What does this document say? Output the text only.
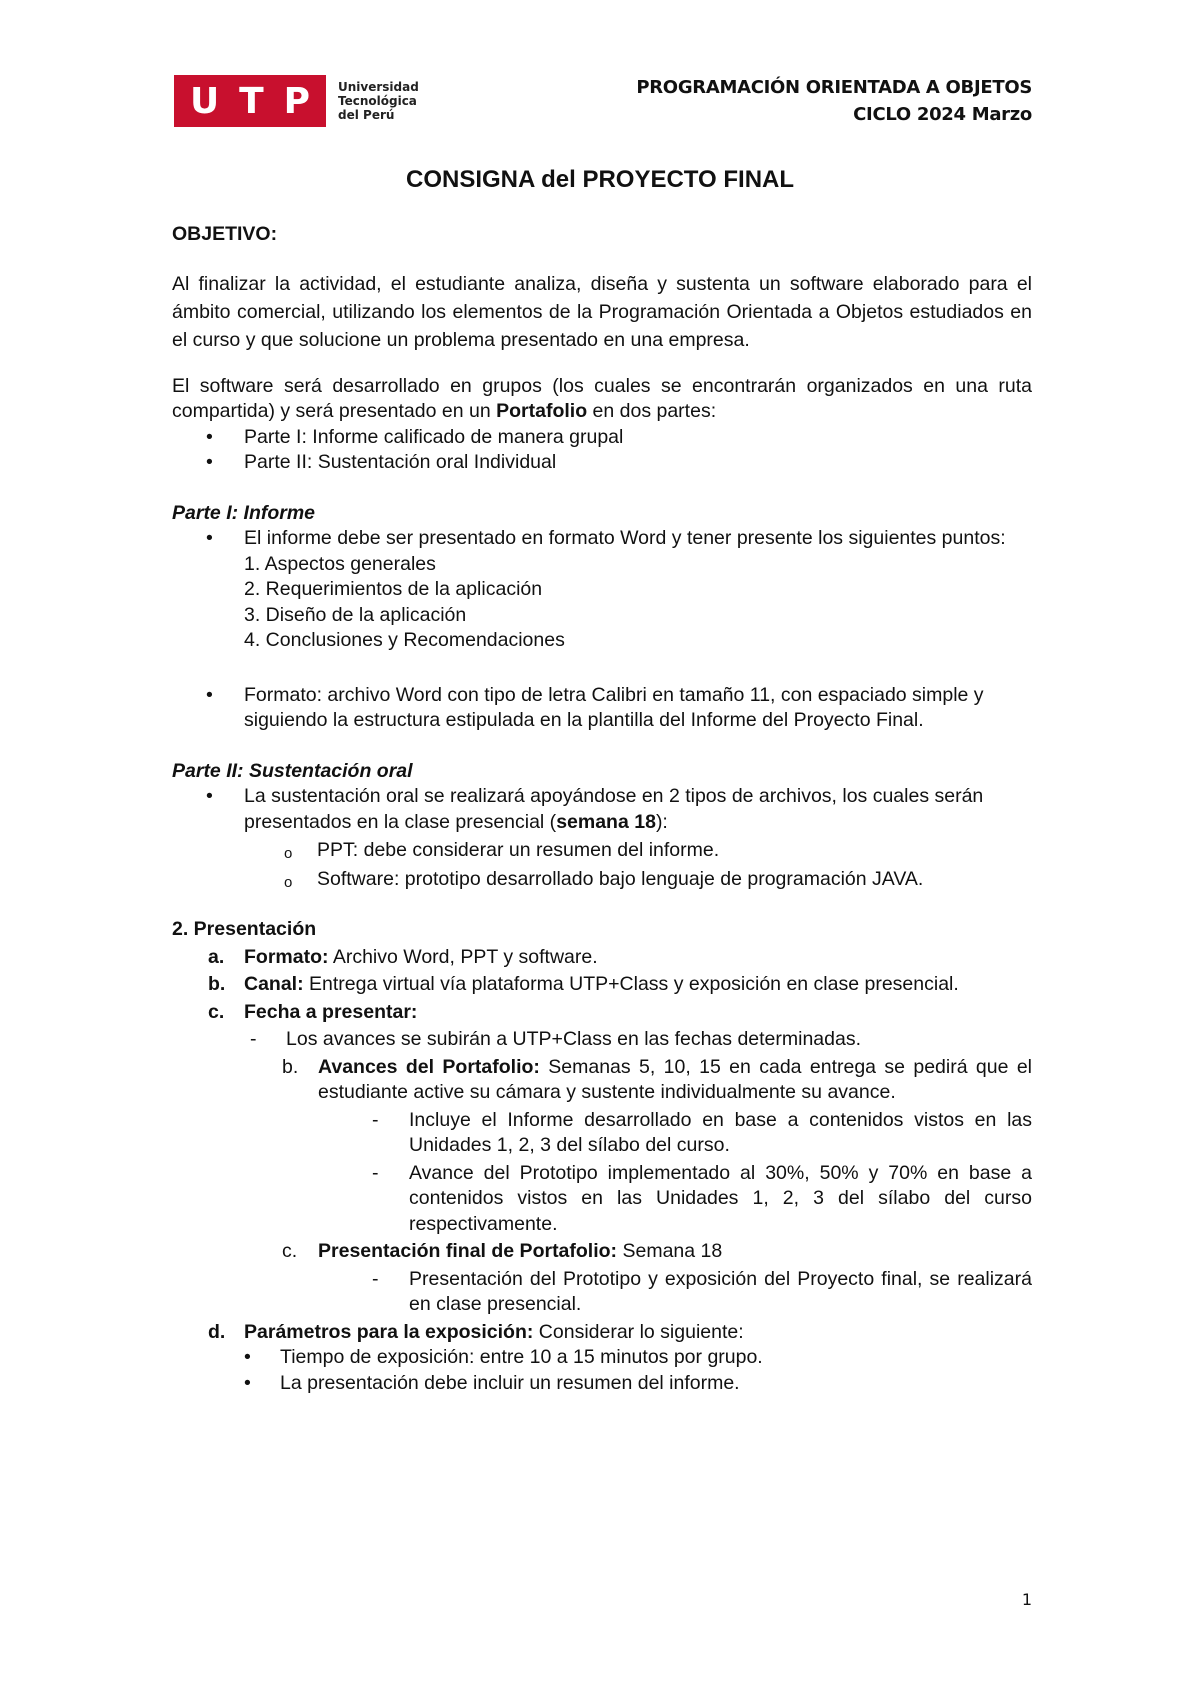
U T P Universidad
Tecnológica
del Perú
PROGRAMACIÓN ORIENTADA A OBJETOS
CICLO 2024 Marzo
CONSIGNA del PROYECTO FINAL

OBJETIVO:

Al finalizar la actividad, el estudiante analiza, diseña y sustenta un software elaborado para el ámbito comercial, utilizando los elementos de la Programación Orientada a Objetos estudiados en el curso y que solucione un problema presentado en una empresa.

El software será desarrollado en grupos (los cuales se encontrarán organizados en una ruta compartida) y será presentado en un Portafolio en dos partes:

• Parte I: Informe calificado de manera grupal
• Parte II: Sustentación oral Individual

Parte I: Informe

• El informe debe ser presentado en formato Word y tener presente los siguientes puntos:
1. Aspectos generales
2. Requerimientos de la aplicación
3. Diseño de la aplicación
4. Conclusiones y Recomendaciones
• Formato: archivo Word con tipo de letra Calibri en tamaño 11, con espaciado simple y siguiendo la estructura estipulada en la plantilla del Informe del Proyecto Final.

Parte II: Sustentación oral

• La sustentación oral se realizará apoyándose en 2 tipos de archivos, los cuales serán presentados en la clase presencial (semana 18):
o PPT: debe considerar un resumen del informe.
o Software: prototipo desarrollado bajo lenguaje de programación JAVA.

2. Presentación

a. Formato: Archivo Word, PPT y software.
b. Canal: Entrega virtual vía plataforma UTP+Class y exposición en clase presencial.
c. Fecha a presentar:
- Los avances se subirán a UTP+Class en las fechas determinadas.
b. Avances del Portafolio: Semanas 5, 10, 15 en cada entrega se pedirá que el estudiante active su cámara y sustente individualmente su avance.
- Incluye el Informe desarrollado en base a contenidos vistos en las Unidades 1, 2, 3 del sílabo del curso.
- Avance del Prototipo implementado al 30%, 50% y 70% en base a contenidos vistos en las Unidades 1, 2, 3 del sílabo del curso respectivamente.
c. Presentación final de Portafolio: Semana 18
- Presentación del Prototipo y exposición del Proyecto final, se realizará en clase presencial.
d. Parámetros para la exposición: Considerar lo siguiente:
• Tiempo de exposición: entre 10 a 15 minutos por grupo.
• La presentación debe incluir un resumen del informe.
1
